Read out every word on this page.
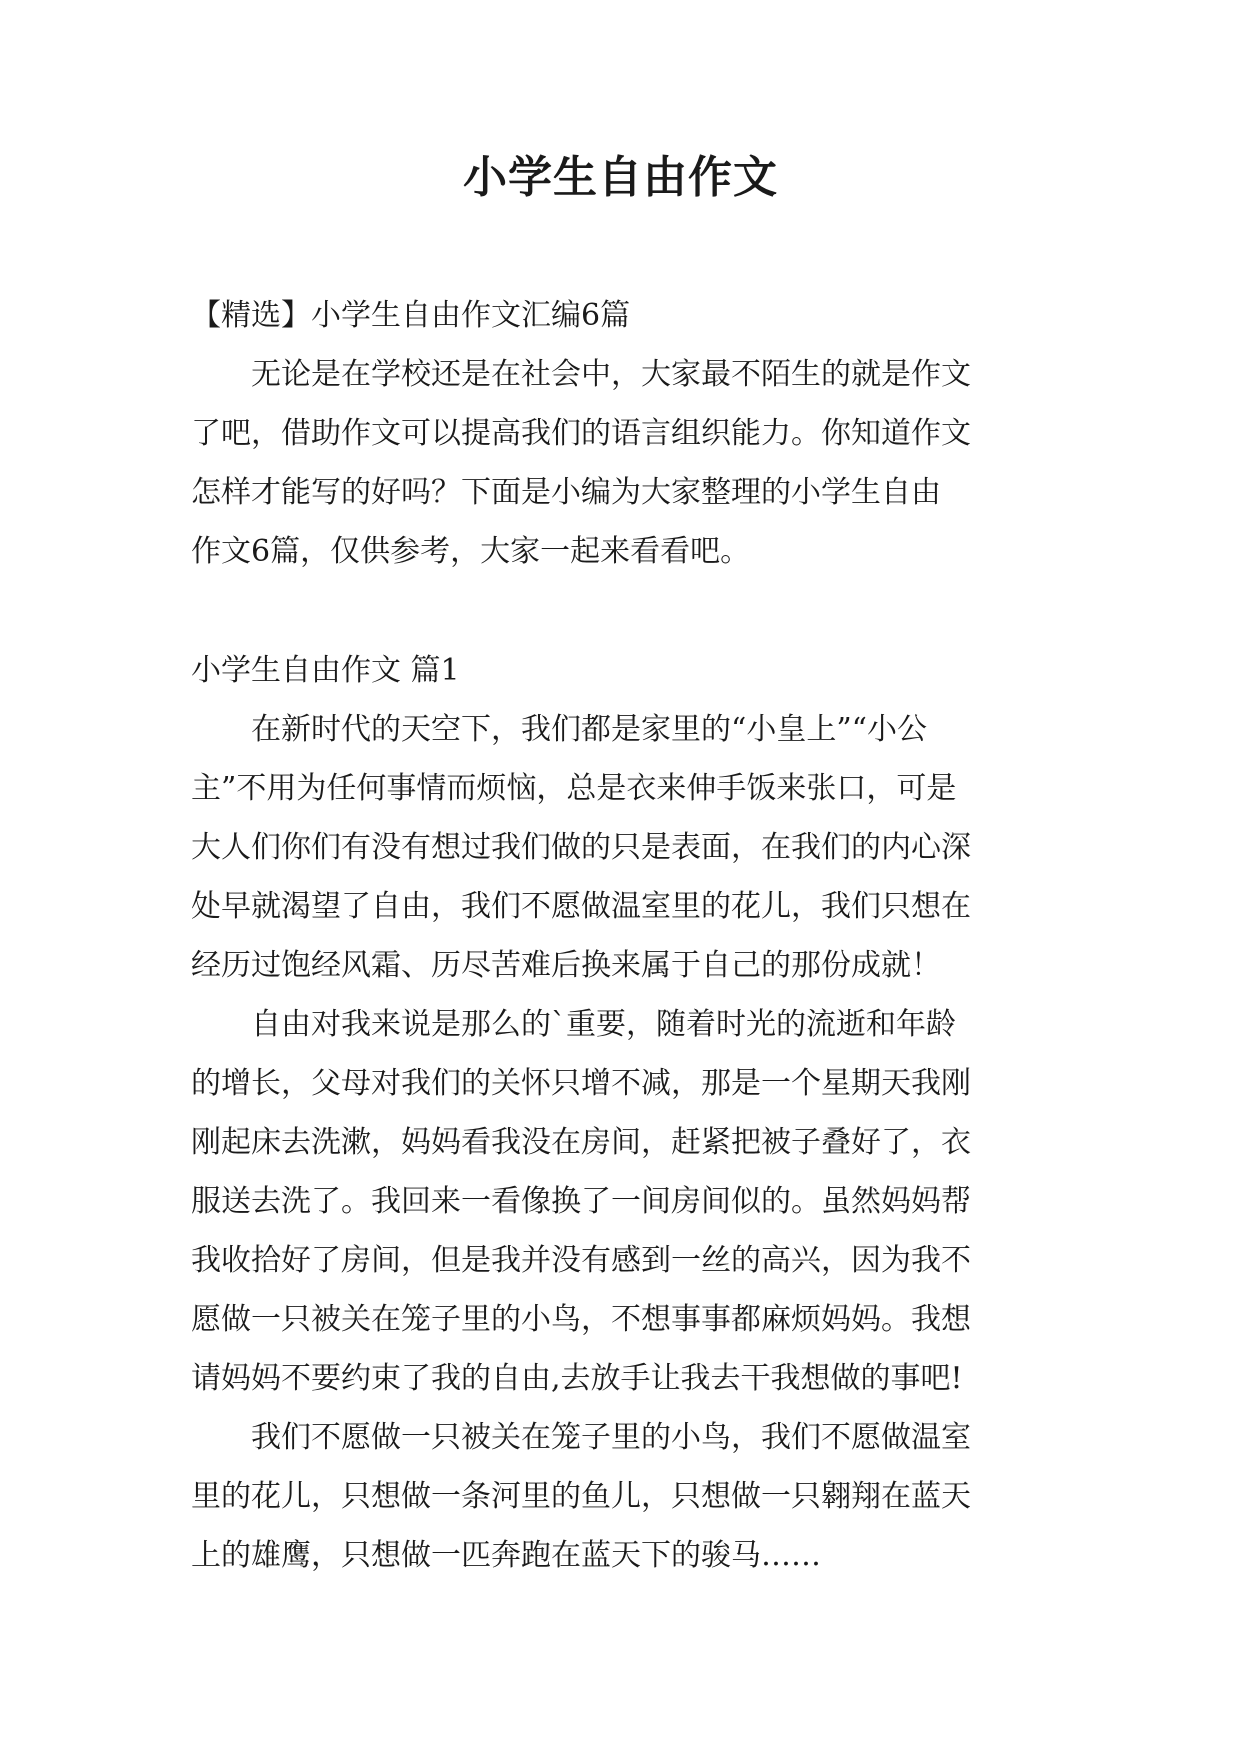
小学生自由作文
【精选】小学生自由作文汇编6篇
　　无论是在学校还是在社会中，大家最不陌生的就是作文
了吧，借助作文可以提高我们的语言组织能力。你知道作文
怎样才能写的好吗？下面是小编为大家整理的小学生自由
作文6篇，仅供参考，大家一起来看看吧。
小学生自由作文 篇1
　　在新时代的天空下，我们都是家里的“小皇上”“小公
主”不用为任何事情而烦恼，总是衣来伸手饭来张口，可是
大人们你们有没有想过我们做的只是表面，在我们的内心深
处早就渴望了自由，我们不愿做温室里的花儿，我们只想在
经历过饱经风霜、历尽苦难后换来属于自己的那份成就！
　　自由对我来说是那么的`重要，随着时光的流逝和年龄
的增长，父母对我们的关怀只增不减，那是一个星期天我刚
刚起床去洗漱，妈妈看我没在房间，赶紧把被子叠好了，衣
服送去洗了。我回来一看像换了一间房间似的。虽然妈妈帮
我收拾好了房间，但是我并没有感到一丝的高兴，因为我不
愿做一只被关在笼子里的小鸟，不想事事都麻烦妈妈。我想
请妈妈不要约束了我的自由,去放手让我去干我想做的事吧!
　　我们不愿做一只被关在笼子里的小鸟，我们不愿做温室
里的花儿，只想做一条河里的鱼儿，只想做一只翱翔在蓝天
上的雄鹰，只想做一匹奔跑在蓝天下的骏马……
